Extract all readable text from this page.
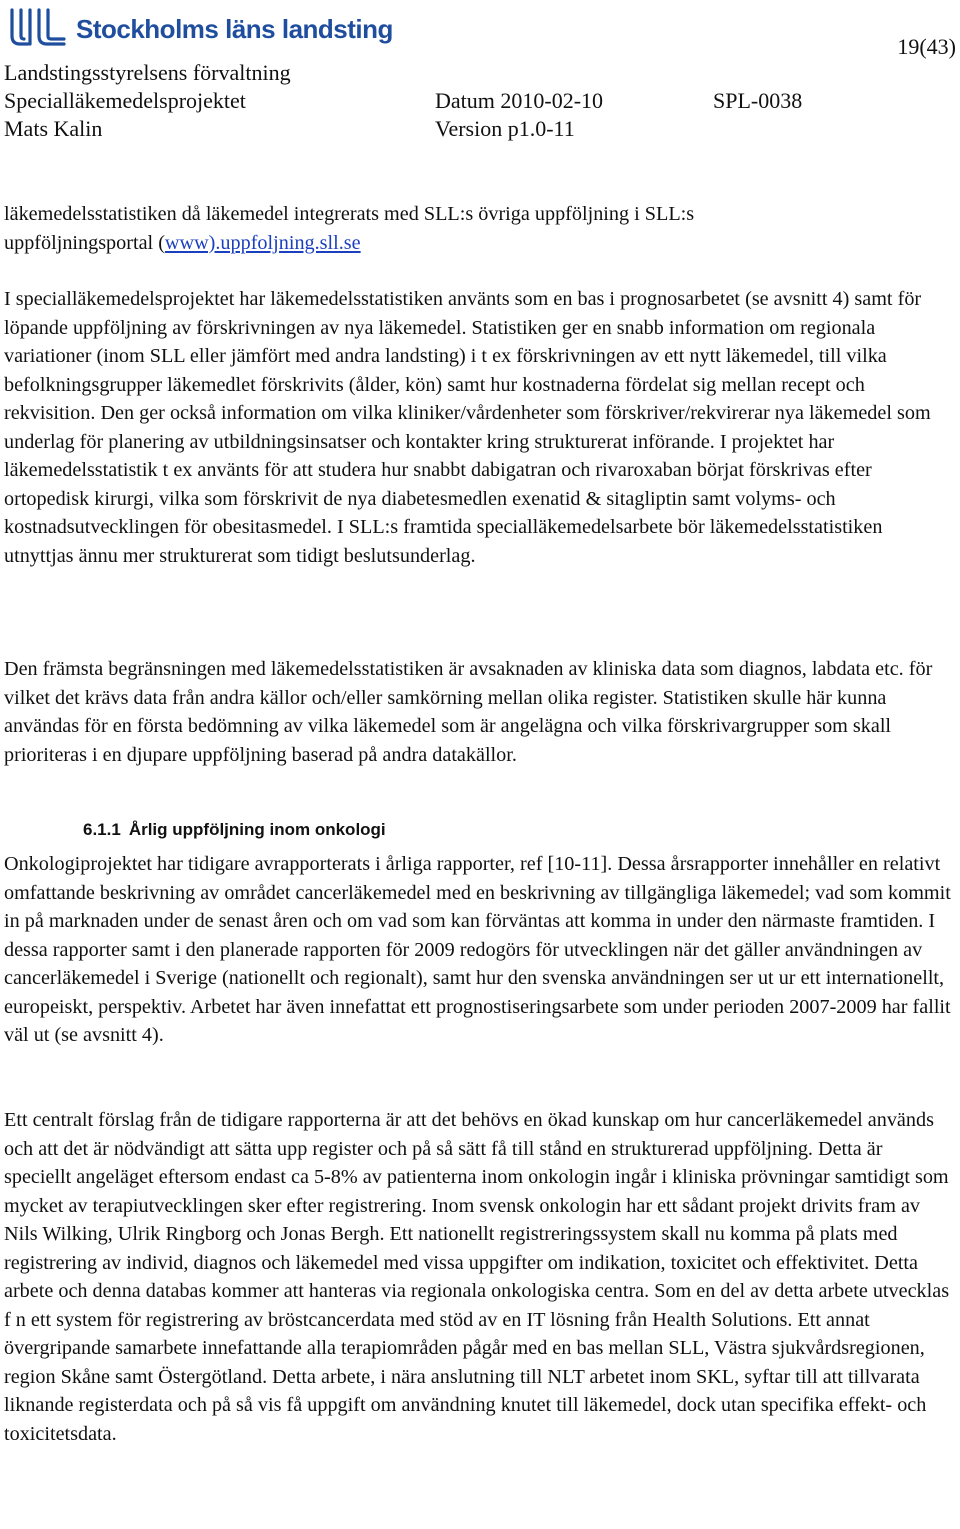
Stockholms läns landsting
19(43)
Landstingsstyrelsens förvaltning
Specialläkemedelsprojektet	Datum 2010-02-10	SPL-0038
Mats Kalin	Version p1.0-11
läkemedelsstatistiken då läkemedel integrerats med SLL:s övriga uppföljning i SLL:s
uppföljningsportal (www).uppfoljning.sll.se

I specialläkemedelsprojektet har läkemedelsstatistiken använts som en bas i prognosarbetet (se avsnitt 4) samt för löpande uppföljning av förskrivningen av nya läkemedel. Statistiken ger en snabb information om regionala variationer (inom SLL eller jämfört med andra landsting) i t ex förskrivningen av ett nytt läkemedel, till vilka befolkningsgrupper läkemedlet förskrivits (ålder, kön) samt hur kostnaderna fördelat sig mellan recept och rekvisition. Den ger också information om vilka kliniker/vårdenheter som förskriver/rekvirerar nya läkemedel som underlag för planering av utbildningsinsatser och kontakter kring strukturerat införande. I projektet har läkemedelsstatistik t ex använts för att studera hur snabbt dabigatran och rivaroxaban börjat förskrivas efter ortopedisk kirurgi, vilka som förskrivit de nya diabetesmedlen exenatid & sitagliptin samt volyms- och kostnadsutvecklingen för obesitasmedel. I SLL:s framtida specialläkemedelsarbete bör läkemedelsstatistiken utnyttjas ännu mer strukturerat som tidigt beslutsunderlag.

Den främsta begränsningen med läkemedelsstatistiken är avsaknaden av kliniska data som diagnos, labdata etc. för vilket det krävs data från andra källor och/eller samkörning mellan olika register. Statistiken skulle här kunna användas för en första bedömning av vilka läkemedel som är angelägna och vilka förskrivargrupper som skall prioriteras i en djupare uppföljning baserad på andra datakällor.

6.1.1 Årlig uppföljning inom onkologi

Onkologiprojektet har tidigare avrapporterats i årliga rapporter, ref [10-11]. Dessa årsrapporter innehåller en relativt omfattande beskrivning av området cancerläkemedel med en beskrivning av tillgängliga läkemedel; vad som kommit in på marknaden under de senast åren och om vad som kan förväntas att komma in under den närmaste framtiden. I dessa rapporter samt i den planerade rapporten för 2009 redogörs för utvecklingen när det gäller användningen av cancerläkemedel i Sverige (nationellt och regionalt), samt hur den svenska användningen ser ut ur ett internationellt, europeiskt, perspektiv. Arbetet har även innefattat ett prognostiseringsarbete som under perioden 2007-2009 har fallit väl ut (se avsnitt 4).

Ett centralt förslag från de tidigare rapporterna är att det behövs en ökad kunskap om hur cancerläkemedel används och att det är nödvändigt att sätta upp register och på så sätt få till stånd en strukturerad uppföljning. Detta är speciellt angeläget eftersom endast ca 5-8% av patienterna inom onkologin ingår i kliniska prövningar samtidigt som mycket av terapiutvecklingen sker efter registrering. Inom svensk onkologin har ett sådant projekt drivits fram av Nils Wilking, Ulrik Ringborg och Jonas Bergh. Ett nationellt registreringssystem skall nu komma på plats med registrering av individ, diagnos och läkemedel med vissa uppgifter om indikation, toxicitet och effektivitet. Detta arbete och denna databas kommer att hanteras via regionala onkologiska centra. Som en del av detta arbete utvecklas f n ett system för registrering av bröstcancerdata med stöd av en IT lösning från Health Solutions. Ett annat övergripande samarbete innefattande alla terapiområden pågår med en bas mellan SLL, Västra sjukvårdsregionen, region Skåne samt Östergötland. Detta arbete, i nära anslutning till NLT arbetet inom SKL, syftar till att tillvarata liknande registerdata och på så vis få uppgift om användning knutet till läkemedel, dock utan specifika effekt- och toxicitetsdata.
